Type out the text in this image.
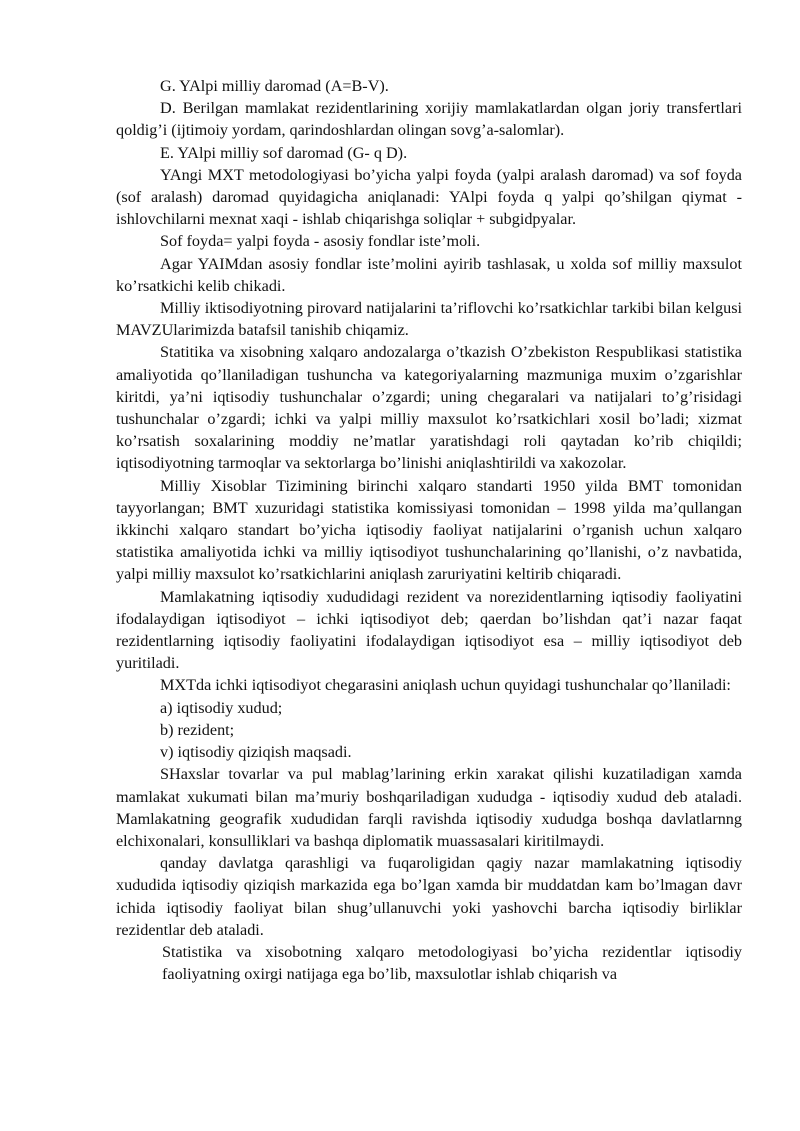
G. YAlpi milliy daromad (A=B-V).

D. Berilgan mamlakat rezidentlarining xorijiy mamlakatlardan olgan joriy transfertlari qoldig’i (ijtimoiy yordam, qarindoshlardan olingan sovg’a-salomlar).

E. YAlpi milliy sof daromad (G- q D).

YAngi MXT metodologiyasi bo’yicha yalpi foyda (yalpi aralash daromad) va sof foyda (sof aralash) daromad quyidagicha aniqlanadi: YAlpi foyda q yalpi qo’shilgan qiymat - ishlovchilarni mexnat xaqi - ishlab chiqarishga soliqlar + subgidpyalar.

Sof foyda= yalpi foyda - asosiy fondlar iste’moli.

Agar YAIMdan asosiy fondlar iste’molini ayirib tashlasak, u xolda sof milliy maxsulot ko’rsatkichi kelib chikadi.

Milliy iktisodiyotning pirovard natijalarini ta’riflovchi ko’rsatkichlar tarkibi bilan kelgusi MAVZUlarimizda batafsil tanishib chiqamiz.

Statitika va xisobning xalqaro andozalarga o’tkazish O’zbekiston Respublikasi statistika amaliyotida qo’llaniladigan tushuncha va kategoriyalarning mazmuniga muxim o’zgarishlar kiritdi, ya’ni iqtisodiy tushunchalar o’zgardi; uning chegaralari va natijalari to’g’risidagi tushunchalar o’zgardi; ichki va yalpi milliy maxsulot ko’rsatkichlari xosil bo’ladi; xizmat ko’rsatish soxalarining moddiy ne’matlar yaratishdagi roli qaytadan ko’rib chiqildi; iqtisodiyotning tarmoqlar va sektorlarga bo’linishi aniqlashtirildi va xakozolar.

Milliy Xisoblar Tizimining birinchi xalqaro standarti 1950 yilda BMT tomonidan tayyorlangan; BMT xuzuridagi statistika komissiyasi tomonidan – 1998 yilda ma’qullangan ikkinchi xalqaro standart bo’yicha iqtisodiy faoliyat natijalarini o’rganish uchun xalqaro statistika amaliyotida ichki va milliy iqtisodiyot tushunchalarining qo’llanishi, o’z navbatida, yalpi milliy maxsulot ko’rsatkichlarini aniqlash zaruriyatini keltirib chiqaradi.

Mamlakatning iqtisodiy xududidagi rezident va norezidentlarning iqtisodiy faoliyatini ifodalaydigan iqtisodiyot – ichki iqtisodiyot deb; qaerdan bo’lishdan qat’i nazar faqat rezidentlarning iqtisodiy faoliyatini ifodalaydigan iqtisodiyot esa – milliy iqtisodiyot deb yuritiladi.

MXTda ichki iqtisodiyot chegarasini aniqlash uchun quyidagi tushunchalar qo’llaniladi:

a) iqtisodiy xudud;

b) rezident;

v) iqtisodiy qiziqish maqsadi.

SHaxslar tovarlar va pul mablag’larining erkin xarakat qilishi kuzatiladigan xamda mamlakat xukumati bilan ma’muriy boshqariladigan xududga - iqtisodiy xudud deb ataladi. Mamlakatning geografik xududidan farqli ravishda iqtisodiy xududga boshqa davlatlarnng elchixonalari, konsulliklari va bashqa diplomatik muassasalari kiritilmaydi.

qanday davlatga qarashligi va fuqaroligidan qagiy nazar mamlakatning iqtisodiy xududida iqtisodiy qiziqish markazida ega bo’lgan xamda bir muddatdan kam bo’lmagan davr ichida iqtisodiy faoliyat bilan shug’ullanuvchi yoki yashovchi barcha iqtisodiy birliklar rezidentlar deb ataladi.

Statistika va xisobotning xalqaro metodologiyasi bo’yicha rezidentlar iqtisodiy faoliyatning oxirgi natijaga ega bo’lib, maxsulotlar ishlab chiqarish va
